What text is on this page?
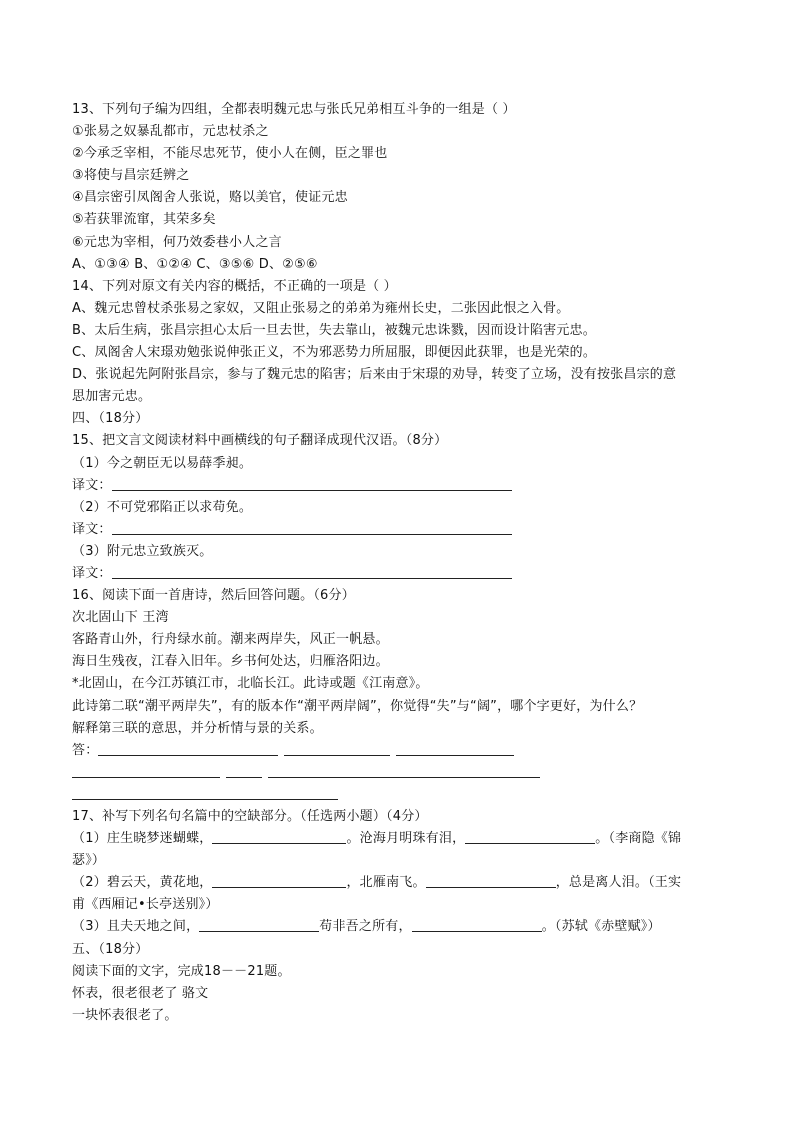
13、下列句子编为四组，全都表明魏元忠与张氏兄弟相互斗争的一组是（ ）
①张易之奴暴乱都市，元忠杖杀之
②今承乏宰相，不能尽忠死节，使小人在侧，臣之罪也
③将使与昌宗廷辨之
④昌宗密引凤阁舍人张说，赂以美官，使证元忠
⑤若获罪流窜，其荣多矣
⑥元忠为宰相，何乃效委巷小人之言
A、①③④ B、①②④ C、③⑤⑥ D、②⑤⑥
14、下列对原文有关内容的概括，不正确的一项是（ ）
A、魏元忠曾杖杀张易之家奴，又阻止张易之的弟弟为雍州长史，二张因此恨之入骨。
B、太后生病，张昌宗担心太后一旦去世，失去靠山，被魏元忠诛戮，因而设计陷害元忠。
C、凤阁舍人宋璟劝勉张说伸张正义，不为邪恶势力所屈服，即便因此获罪，也是光荣的。
D、张说起先阿附张昌宗，参与了魏元忠的陷害；后来由于宋璟的劝导，转变了立场，没有按张昌宗的意
思加害元忠。
四、（18分）
15、把文言文阅读材料中画横线的句子翻译成现代汉语。（8分）
（1）今之朝臣无以易薛季昶。
译文：
（2）不可党邪陷正以求苟免。
译文：
（3）附元忠立致族灭。
译文：
16、阅读下面一首唐诗，然后回答问题。（6分）
次北固山下 王湾
客路青山外，行舟绿水前。潮来两岸失，风正一帆悬。
海日生残夜，江春入旧年。乡书何处达，归雁洛阳边。
*北固山，在今江苏镇江市，北临长江。此诗或题《江南意》。
此诗第二联“潮平两岸失”，有的版本作“潮平两岸阔”，你觉得“失”与“阔”，哪个字更好，为什么？
解释第三联的意思，并分析情与景的关系。
答：
17、补写下列名句名篇中的空缺部分。（任选两小题）（4分）
（1）庄生晓梦迷蝴蝶，	。沧海月明珠有泪，	。（李商隐《锦
瑟》）
（2）碧云天，黄花地，	，北雁南飞。	，总是离人泪。（王实
甫《西厢记•长亭送别》）
（3）且夫天地之间，	苟非吾之所有，	。（苏轼《赤壁赋》）
五、（18分）
阅读下面的文字，完成18－－21题。
怀表，很老很老了 骆文
一块怀表很老了。
